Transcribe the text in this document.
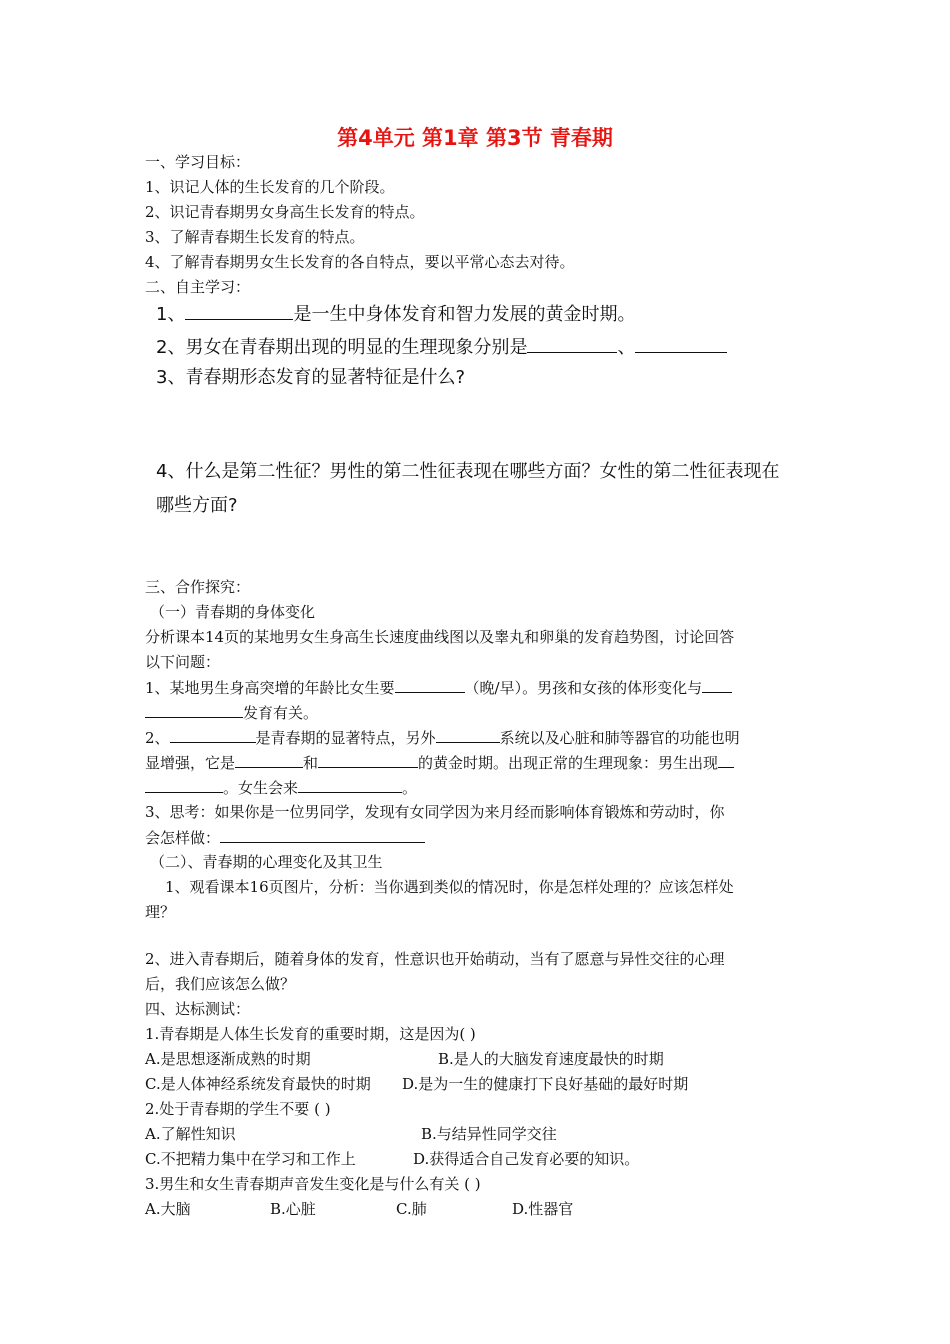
第4单元 第1章 第3节 青春期
一、学习目标：
1、识记人体的生长发育的几个阶段。
2、识记青春期男女身高生长发育的特点。
3、了解青春期生长发育的特点。
4、了解青春期男女生长发育的各自特点，要以平常心态去对待。
二、自主学习：
1、	是一生中身体发育和智力发展的黄金时期。
2、男女在青春期出现的明显的生理现象分别是	、
3、青春期形态发育的显著特征是什么?
4、什么是第二性征？男性的第二性征表现在哪些方面？女性的第二性征表现在
哪些方面?
三、合作探究：
（一）青春期的身体变化
分析课本14页的某地男女生身高生长速度曲线图以及睾丸和卵巢的发育趋势图，讨论回答
以下问题：
1、某地男生身高突增的年龄比女生要	（晚/早）。男孩和女孩的体形变化与
发育有关。
2、	是青春期的显著特点，另外	系统以及心脏和肺等器官的功能也明
显增强，它是	和	的黄金时期。出现正常的生理现象：男生出现
。女生会来	。
3、思考：如果你是一位男同学，发现有女同学因为来月经而影响体育锻炼和劳动时，你
会怎样做：
（二）、青春期的心理变化及其卫生
1、观看课本16页图片，分析：当你遇到类似的情况时，你是怎样处理的？应该怎样处
理？
2、进入青春期后，随着身体的发育，性意识也开始萌动，当有了愿意与异性交往的心理
后，我们应该怎么做？
四、达标测试：
1.青春期是人体生长发育的重要时期，这是因为( )
A.是思想逐渐成熟的时期	B.是人的大脑发育速度最快的时期
C.是人体神经系统发育最快的时期 D.是为一生的健康打下良好基础的最好时期
2.处于青春期的学生不要 ( )
A.了解性知识	B.与结异性同学交往
C.不把精力集中在学习和工作上	D.获得适合自己发育必要的知识。
3.男生和女生青春期声音发生变化是与什么有关 ( )
A.大脑	B.心脏	C.肺	D.性器官
